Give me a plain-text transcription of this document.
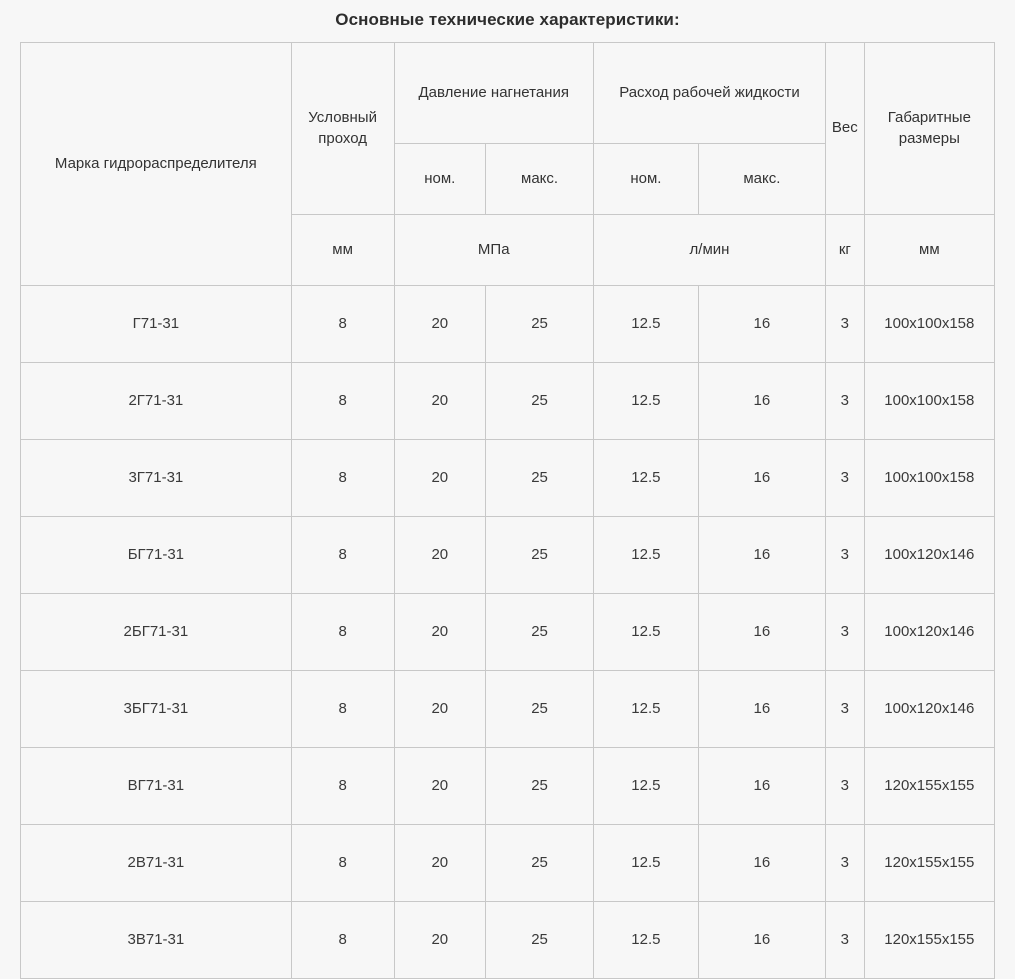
Основные технические характеристики:
Марка гидрораспределителя	Условный проход	Давление нагнетания		Расход рабочей жидкости		Вес	Габаритные размеры
		ном.	макс.	ном.	макс.		
	мм	МПа		л/мин		кг	мм
Г71-31	8	20	25	12.5	16	3	100х100х158
2Г71-31	8	20	25	12.5	16	3	100х100х158
3Г71-31	8	20	25	12.5	16	3	100х100х158
БГ71-31	8	20	25	12.5	16	3	100х120х146
2БГ71-31	8	20	25	12.5	16	3	100х120х146
3БГ71-31	8	20	25	12.5	16	3	100х120х146
ВГ71-31	8	20	25	12.5	16	3	120х155х155
2В71-31	8	20	25	12.5	16	3	120х155х155
3В71-31	8	20	25	12.5	16	3	120х155х155
